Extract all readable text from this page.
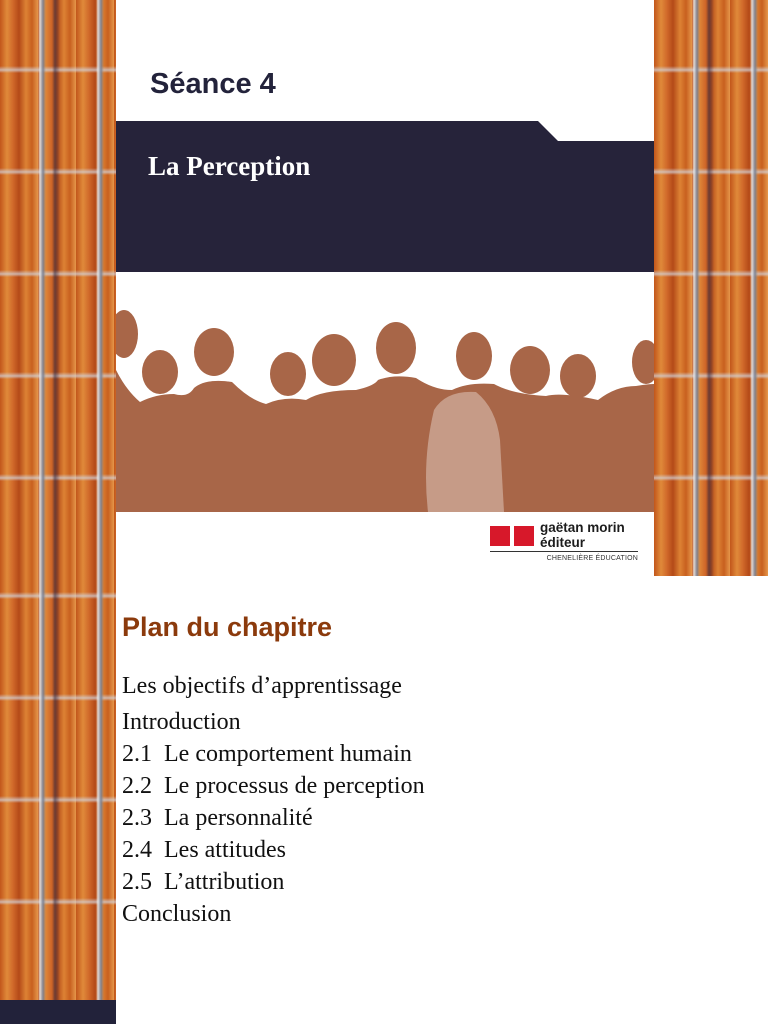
Séance 4
La Perception
gaëtan morin
éditeur
CHENELIÈRE ÉDUCATION
Plan du chapitre
Les objectifs d’apprentissage
Introduction
2.1  Le comportement humain
2.2  Le processus de perception
2.3  La personnalité
2.4  Les attitudes
2.5  L’attribution
Conclusion
